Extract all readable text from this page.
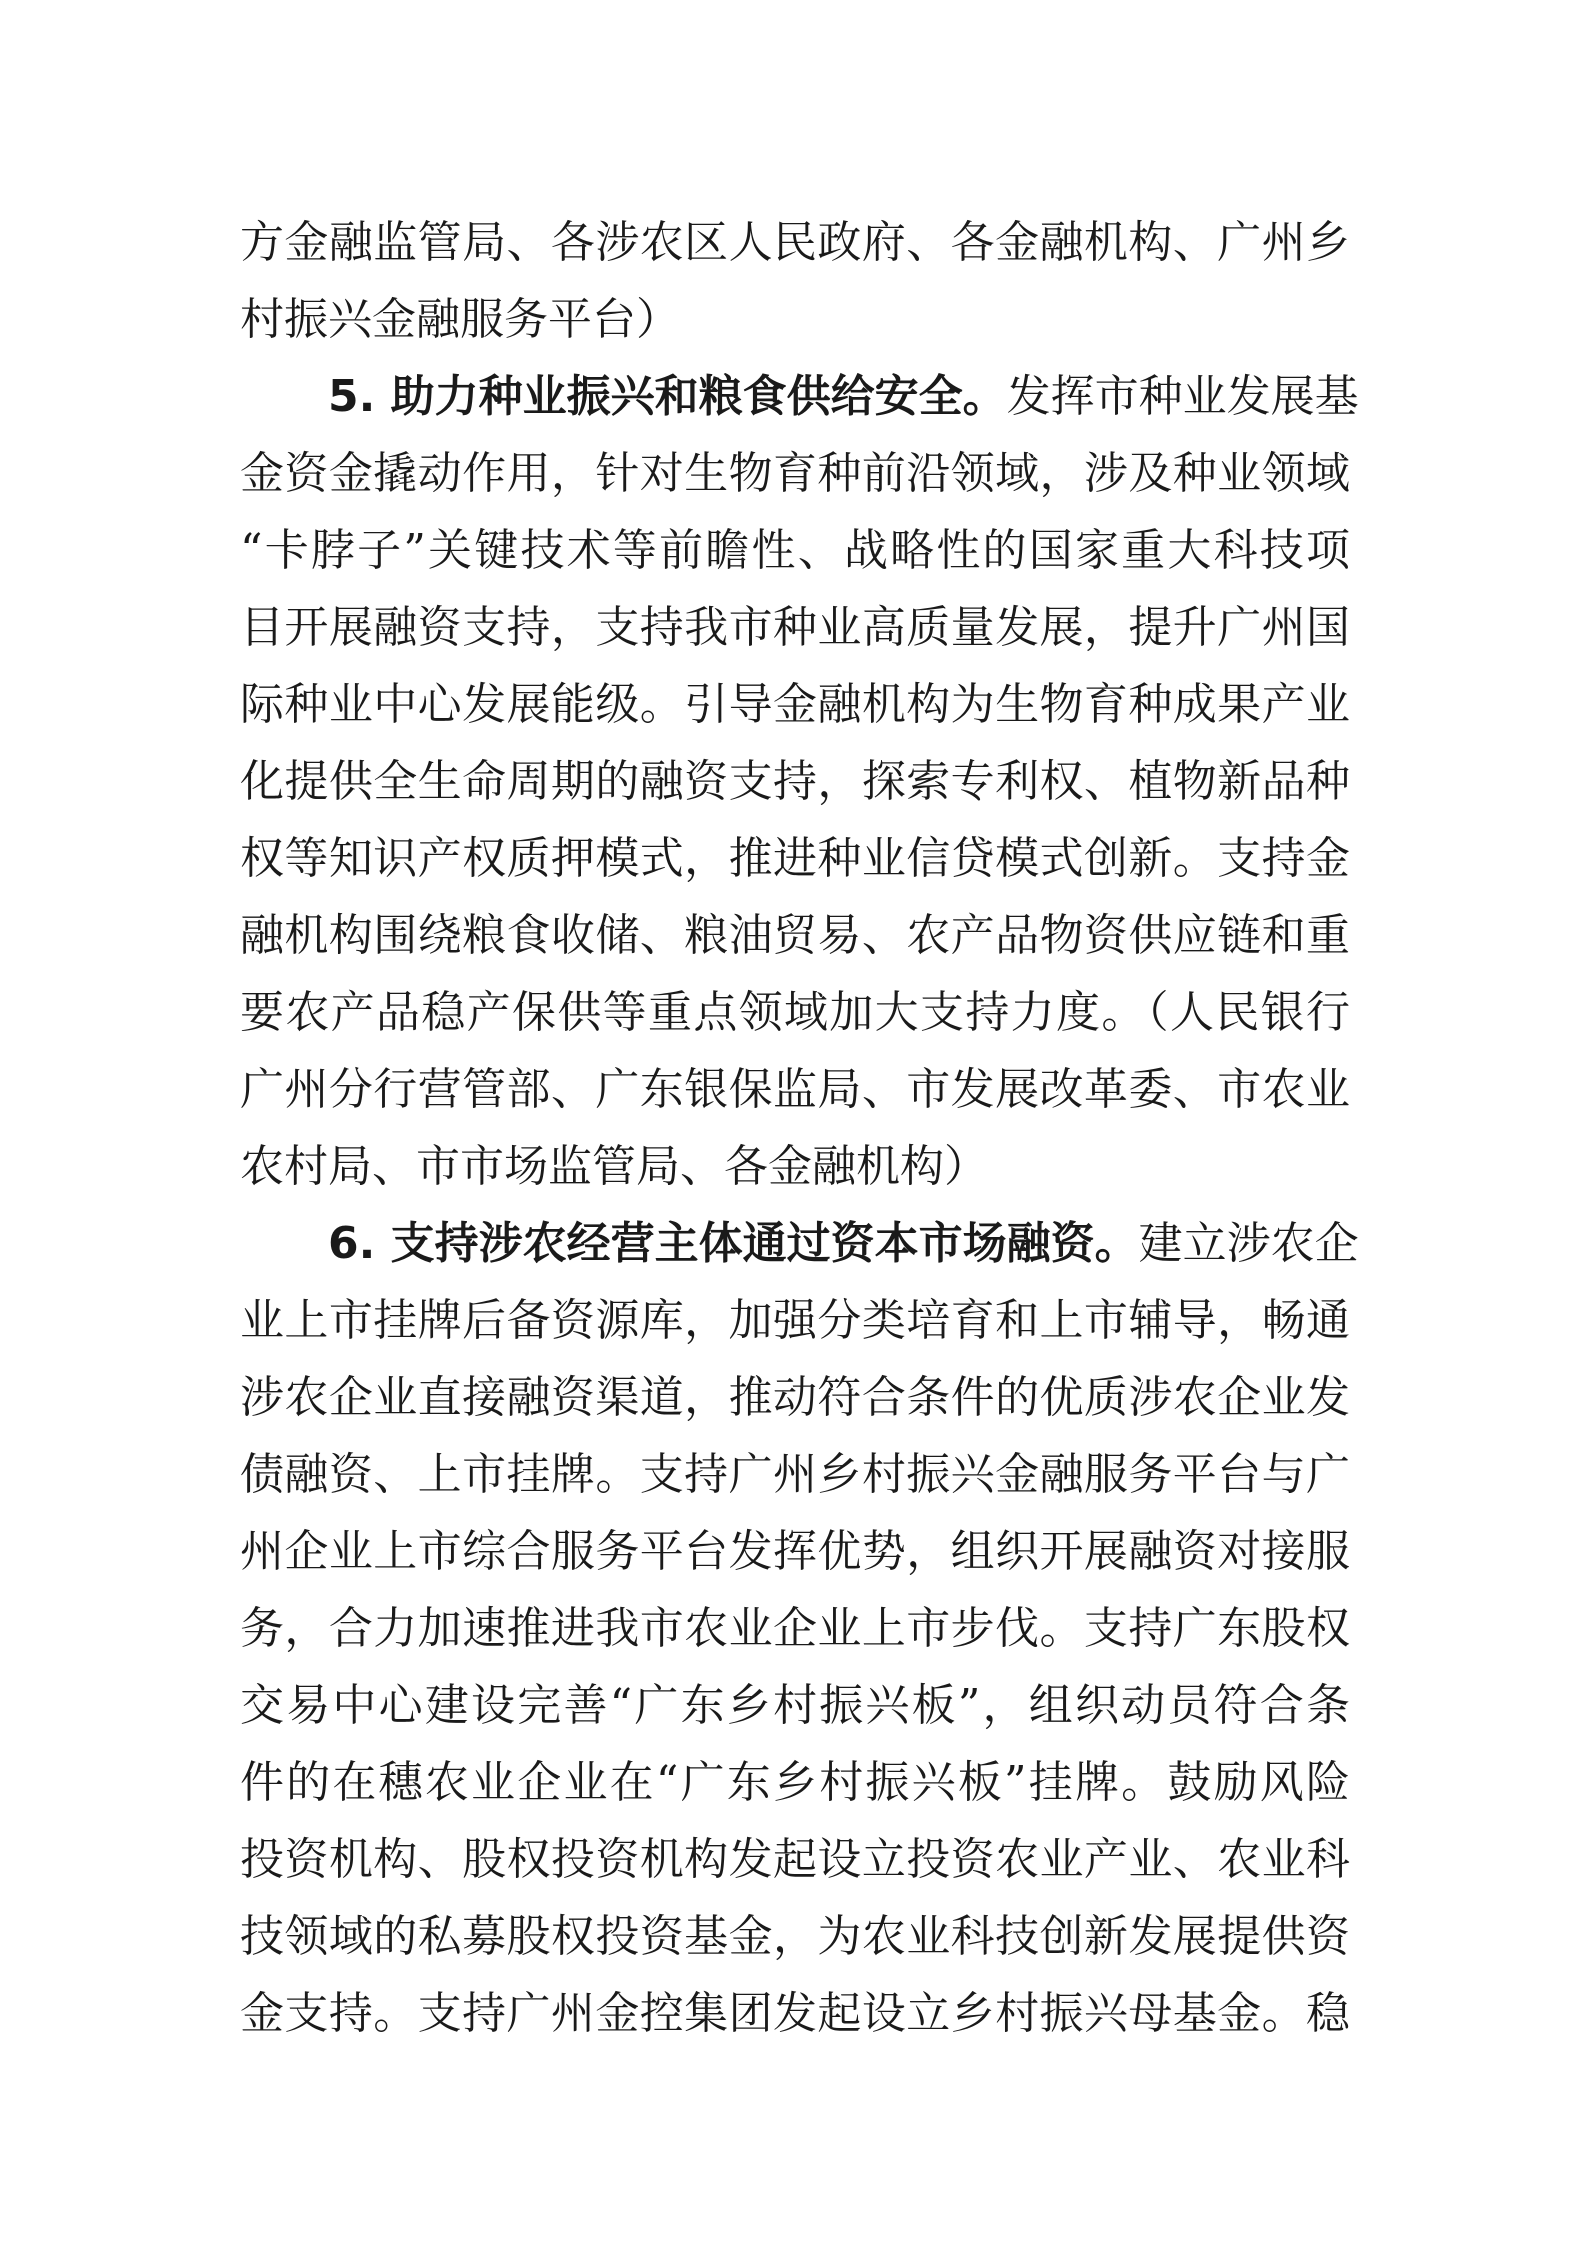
方金融监管局、各涉农区人民政府、各金融机构、广州乡
村振兴金融服务平台）
5. 助力种业振兴和粮食供给安全。发挥市种业发展基
金资金撬动作用，针对生物育种前沿领域，涉及种业领域
“卡脖子”关键技术等前瞻性、战略性的国家重大科技项
目开展融资支持，支持我市种业高质量发展，提升广州国
际种业中心发展能级。引导金融机构为生物育种成果产业
化提供全生命周期的融资支持，探索专利权、植物新品种
权等知识产权质押模式，推进种业信贷模式创新。支持金
融机构围绕粮食收储、粮油贸易、农产品物资供应链和重
要农产品稳产保供等重点领域加大支持力度。（人民银行
广州分行营管部、广东银保监局、市发展改革委、市农业
农村局、市市场监管局、各金融机构）
6. 支持涉农经营主体通过资本市场融资。建立涉农企
业上市挂牌后备资源库，加强分类培育和上市辅导，畅通
涉农企业直接融资渠道，推动符合条件的优质涉农企业发
债融资、上市挂牌。支持广州乡村振兴金融服务平台与广
州企业上市综合服务平台发挥优势，组织开展融资对接服
务，合力加速推进我市农业企业上市步伐。支持广东股权
交易中心建设完善“广东乡村振兴板”，组织动员符合条
件的在穗农业企业在“广东乡村振兴板”挂牌。鼓励风险
投资机构、股权投资机构发起设立投资农业产业、农业科
技领域的私募股权投资基金，为农业科技创新发展提供资
金支持。支持广州金控集团发起设立乡村振兴母基金。稳
